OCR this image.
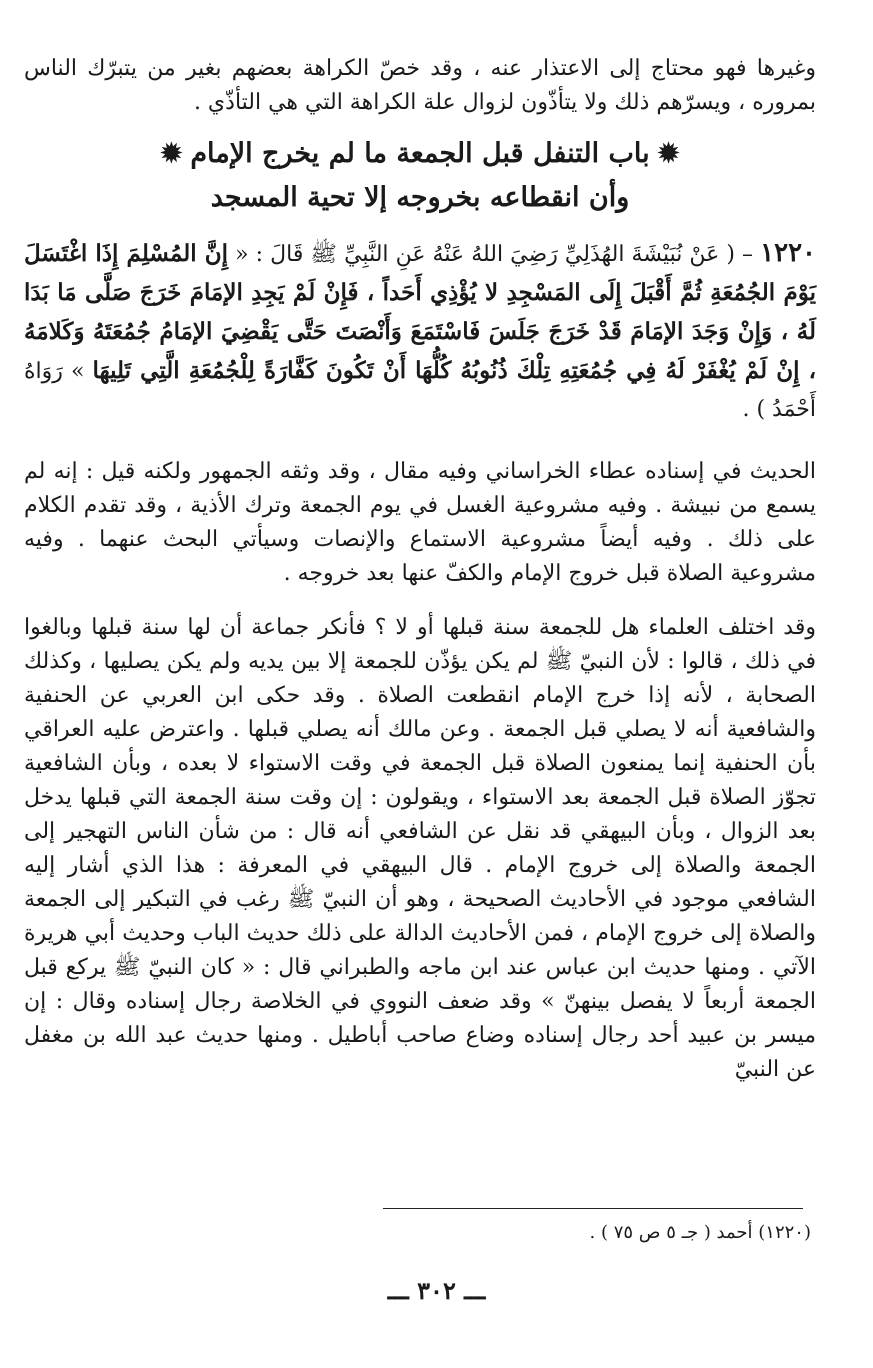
وغيرها فهو محتاج إلى الاعتذار عنه ، وقد خصّ الكراهة بعضهم بغير من يتبرّك الناس بمروره ، ويسرّهم ذلك ولا يتأذّون لزوال علة الكراهة التي هي التأذّي .

✹باب التنفل قبل الجمعة ما لم يخرج الإمام✹
وأن انقطاعه بخروجه إلا تحية المسجد

١٢٢٠ – ( عَنْ نُبَيْشَةَ الهُذَلِيِّ رَضِيَ اللهُ عَنْهُ عَنِ النَّبِيِّ ﷺ قَالَ : « إِنَّ المُسْلِمَ إِذَا اغْتَسَلَ يَوْمَ الجُمُعَةِ ثُمَّ أَقْبَلَ إِلَى المَسْجِدِ لا يُؤْذِي أَحَداً ، فَإِنْ لَمْ يَجِدِ الإمَامَ خَرَجَ صَلَّى مَا بَدَا لَهُ ، وَإِنْ وَجَدَ الإمَامَ قَدْ خَرَجَ جَلَسَ فَاسْتَمَعَ وَأَنْصَتَ حَتَّى يَقْضِيَ الإمَامُ جُمُعَتَهُ وَكَلامَهُ ، إِنْ لَمْ يُغْفَرْ لَهُ فِي جُمُعَتِهِ تِلْكَ ذُنُوبُهُ كُلُّهَا أَنْ تَكُونَ كَفَّارَةً لِلْجُمُعَةِ الَّتِي تَلِيهَا » رَوَاهُ أَحْمَدُ ) .

الحديث في إسناده عطاء الخراساني وفيه مقال ، وقد وثقه الجمهور ولكنه قيل : إنه لم يسمع من نبيشة . وفيه مشروعية الغسل في يوم الجمعة وترك الأذية ، وقد تقدم الكلام على ذلك . وفيه أيضاً مشروعية الاستماع والإنصات وسيأتي البحث عنهما . وفيه مشروعية الصلاة قبل خروج الإمام والكفّ عنها بعد خروجه .

وقد اختلف العلماء هل للجمعة سنة قبلها أو لا ؟ فأنكر جماعة أن لها سنة قبلها وبالغوا في ذلك ، قالوا : لأن النبيّ ﷺ لم يكن يؤذّن للجمعة إلا بين يديه ولم يكن يصليها ، وكذلك الصحابة ، لأنه إذا خرج الإمام انقطعت الصلاة . وقد حكى ابن العربي عن الحنفية والشافعية أنه لا يصلي قبل الجمعة . وعن مالك أنه يصلي قبلها . واعترض عليه العراقي بأن الحنفية إنما يمنعون الصلاة قبل الجمعة في وقت الاستواء لا بعده ، وبأن الشافعية تجوّز الصلاة قبل الجمعة بعد الاستواء ، ويقولون : إن وقت سنة الجمعة التي قبلها يدخل بعد الزوال ، وبأن البيهقي قد نقل عن الشافعي أنه قال : من شأن الناس التهجير إلى الجمعة والصلاة إلى خروج الإمام . قال البيهقي في المعرفة : هذا الذي أشار إليه الشافعي موجود في الأحاديث الصحيحة ، وهو أن النبيّ ﷺ رغب في التبكير إلى الجمعة والصلاة إلى خروج الإمام ، فمن الأحاديث الدالة على ذلك حديث الباب وحديث أبي هريرة الآتي . ومنها حديث ابن عباس عند ابن ماجه والطبراني قال : « كان النبيّ ﷺ يركع قبل الجمعة أربعاً لا يفصل بينهنّ » وقد ضعف النووي في الخلاصة رجال إسناده وقال : إن ميسر بن عبيد أحد رجال إسناده وضاع صاحب أباطيل . ومنها حديث عبد الله بن مغفل عن النبيّ

(١٢٢٠) أحمد ( جـ ٥ ص ٧٥ ) .
ـــ ٣٠٢ ـــ
